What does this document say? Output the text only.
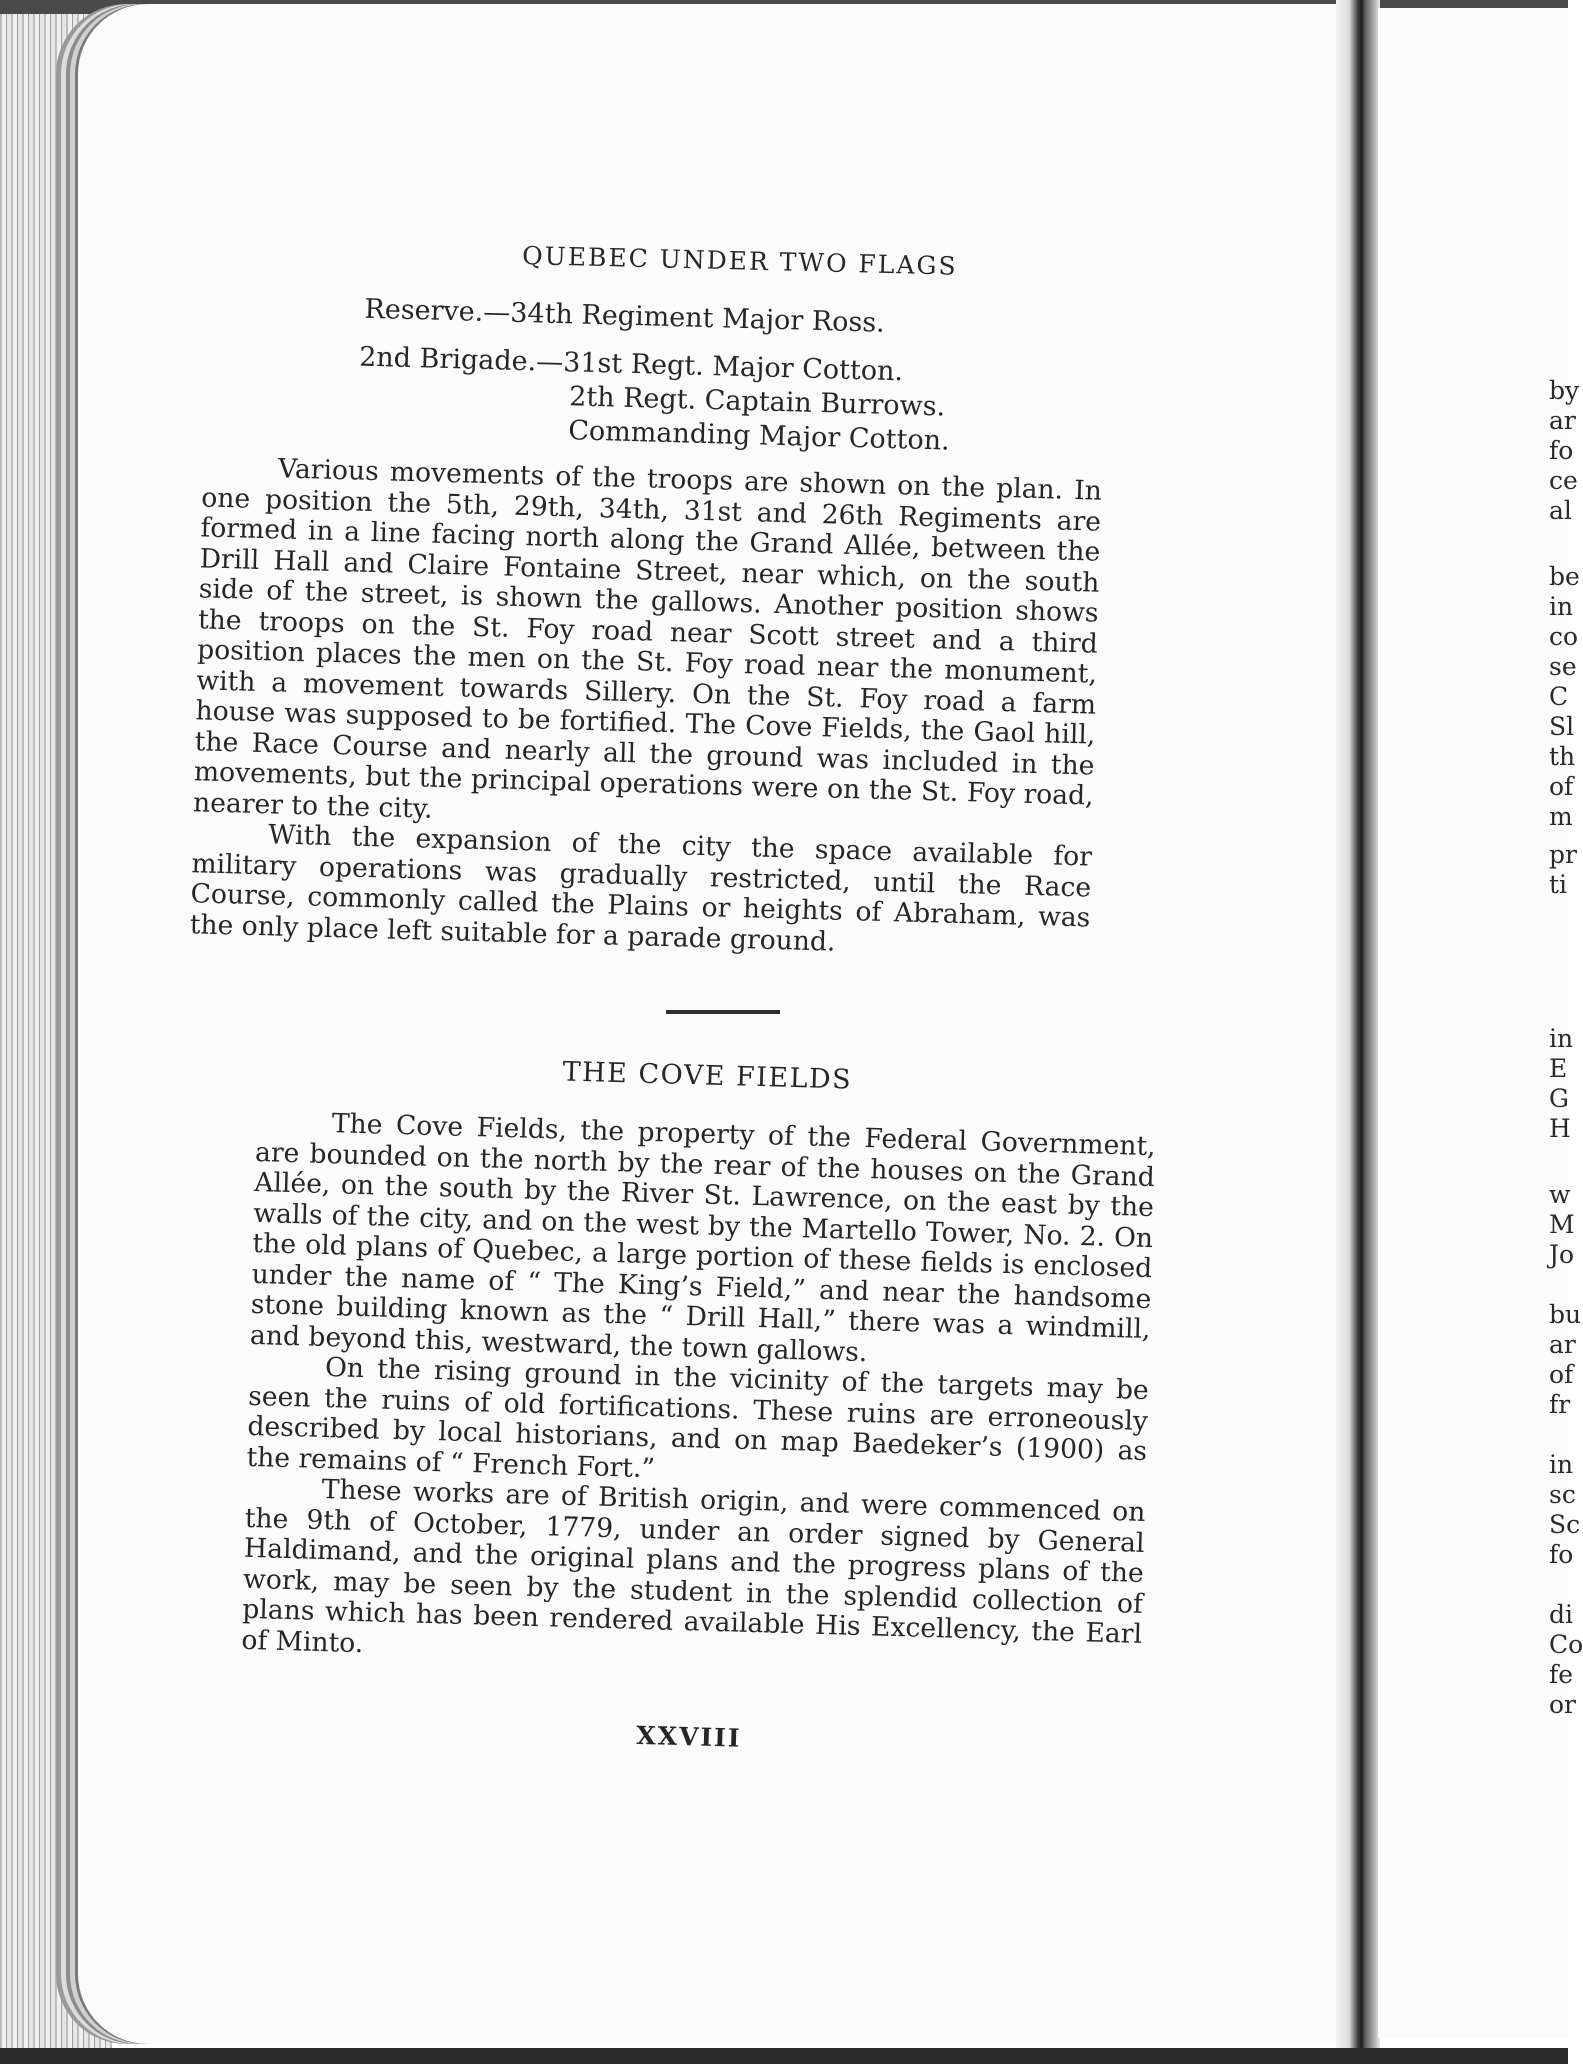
QUEBEC UNDER TWO FLAGS
Reserve.—34th Regiment Major Ross.
2nd Brigade.—31st Regt. Major Cotton.
2th Regt. Captain Burrows.
Commanding Major Cotton.

Various movements of the troops are shown on the plan. In one position the 5th, 29th, 34th, 31st and 26th Regiments are formed in a line facing north along the Grand Allée, between the Drill Hall and Claire Fontaine Street, near which, on the south side of the street, is shown the gallows. Another position shows the troops on the St. Foy road near Scott street and a third position places the men on the St. Foy road near the monument, with a movement towards Sillery. On the St. Foy road a farm house was supposed to be fortified. The Cove Fields, the Gaol hill, the Race Course and nearly all the ground was included in the movements, but the principal operations were on the St. Foy road, nearer to the city.

With the expansion of the city the space available for military operations was gradually restricted, until the Race Course, commonly called the Plains or heights of Abraham, was the only place left suitable for a parade ground.

THE COVE FIELDS

The Cove Fields, the property of the Federal Government, are bounded on the north by the rear of the houses on the Grand Allée, on the south by the River St. Lawrence, on the east by the walls of the city, and on the west by the Martello Tower, No. 2. On the old plans of Quebec, a large portion of these fields is enclosed under the name of “ The King’s Field,” and near the handsome stone building known as the “ Drill Hall,” there was a windmill, and beyond this, westward, the town gallows.

On the rising ground in the vicinity of the targets may be seen the ruins of old fortifications. These ruins are erroneously described by local historians, and on map Baedeker’s (1900) as the remains of “ French Fort.”

These works are of British origin, and were commenced on the 9th of October, 1779, under an order signed by General Haldimand, and the original plans and the progress plans of the work, may be seen by the student in the splendid collection of plans which has been rendered available His Excellency, the Earl of Minto.

XXVIII
by
ar
fo
ce
al
be
in
co
se
C
Sl
th
of
m
pr
ti
in
E
G
H
w
M
Jo
bu
ar
of
fr
in
sc
Sc
fo
di
Co
fe
or
